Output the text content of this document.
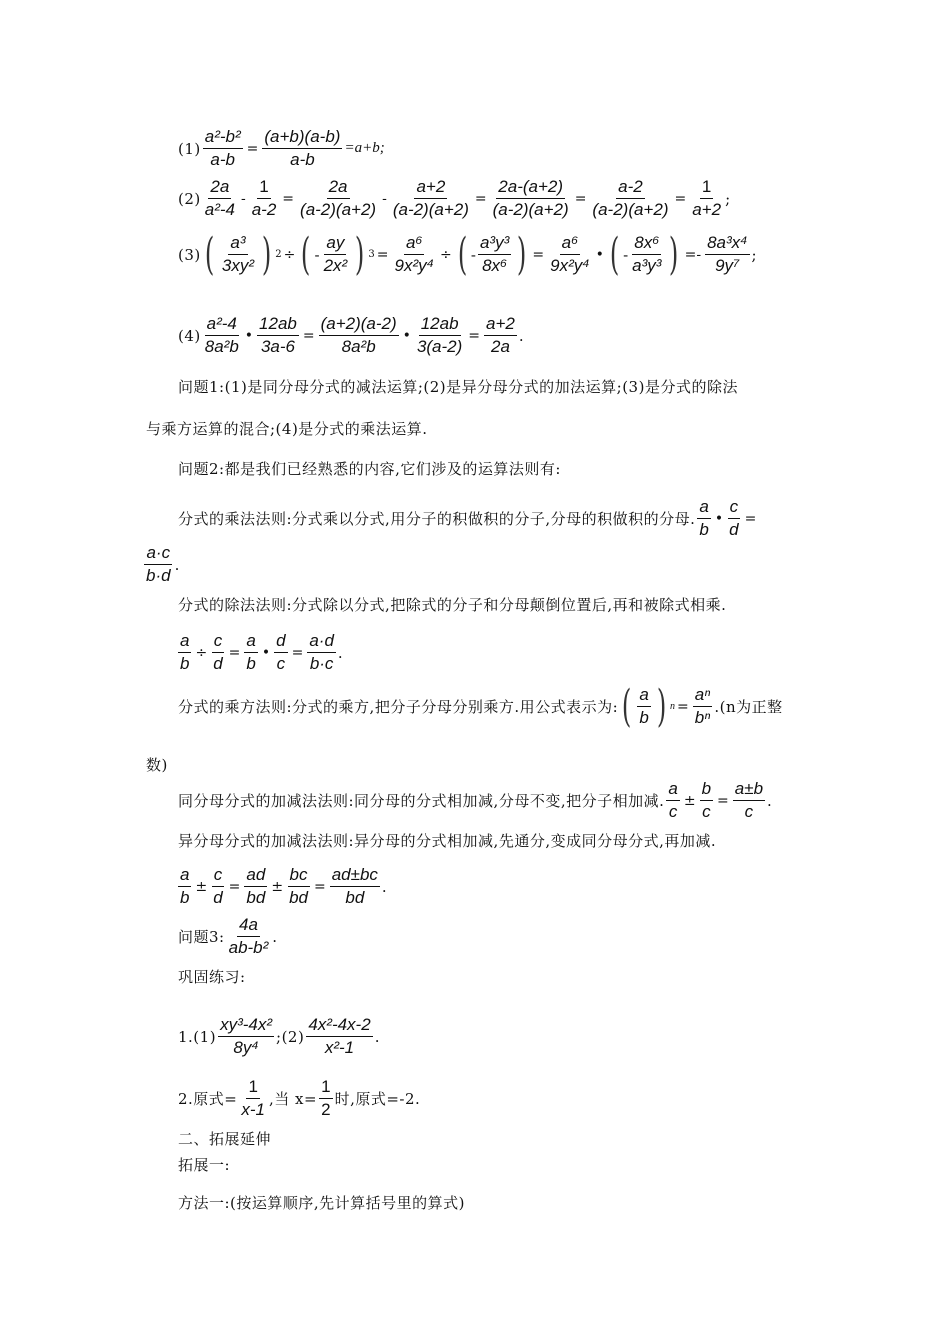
$(1) \frac{\text{a²-b²}}{a-b} = \frac{(a+b)(a-b)}{a-b} =a+b$;
$(2) \frac{2a}{\text{a²-4}} - \frac{1}{a-2} = \frac{2a}{(a-2)(a+2)} - \frac{a+2}{(a-2)(a+2)} = \frac{2a-(a+2)}{(a-2)(a+2)} = \frac{a-2}{(a-2)(a+2)} = \frac{1}{a+2}$ ;
(3) ( $\frac{\text{a³}}{\text{3xy²}}$ ) 2 ÷ ( - $\frac{ay}{\text{2x²}}$ ) $3 = \frac{\text{a⁶}}{\text{9x²y⁴}}$ ÷ ( - $\frac{\text{a³y³}}{\text{8x⁶}}$ ) = $\frac{\text{a⁶}}{\text{9x²y⁴}}$ • ( - $\frac{\text{8x⁶}}{\text{a³y³}}$ ) =- $\frac{\text{8a³x⁴}}{\text{9y⁷}}$ ;
$(4) \frac{\text{a²-4}}{\text{8a²b}}$ • $\frac{12ab}{3a-6} = \frac{(a+2)(a-2)}{\text{8a²b}}$ • $\frac{12ab}{3(a-2)} = \frac{a+2}{2a}$ .
问题1:(1)是同分母分式的减法运算;(2)是异分母分式的加法运算;(3)是分式的除法
与乘方运算的混合;(4)是分式的乘法运算.
问题2:都是我们已经熟悉的内容,它们涉及的运算法则有:
分式的乘法法则:分式乘以分式,用分子的积做积的分子,分母的积做积的分母. $\frac{a}{b}$ • $\frac{c}{d}$ =
$\frac{a\cdot c}{b\cdot d}$ .
分式的除法法则:分式除以分式,把除式的分子和分母颠倒位置后,再和被除式相乘.
$\frac{a}{b} \div \frac{c}{d} = \frac{a}{b}$ • $\frac{d}{c} = \frac{a\cdot d}{b\cdot c}$ .
分式的乘方法则:分式的乘方,把分子分母分别乘方.用公式表示为: ( $\frac{a}{b}$ ) $n = \frac{\text{aⁿ}}{\text{bⁿ}} .(n$为正整
数)
同分母分式的加减法法则:同分母的分式相加减,分母不变,把分子相加减. $\frac{a}{c} \pm \frac{b}{c} = \frac{a\pm b}{c}$ .
异分母分式的加减法法则:异分母的分式相加减,先通分,变成同分母分式,再加减.
$\frac{a}{b} \pm \frac{c}{d} = \frac{ad}{bd} \pm \frac{bc}{bd} = \frac{ad\pm bc}{bd}$ .
问题3: $\frac{4a}{\text{ab-b²}}$ .
巩固练习:
$1.(1) \frac{\text{xy³-4x²}}{\text{8y⁴}}$ ;(2) $\frac{\text{4x²-4x-2}}{\text{x²-1}}$ .
2.原式= $\frac{1}{x-1}$ ,当 $x= \frac{1}{2}$ 时,原式=-2.
二、拓展延伸
拓展一:
方法一:(按运算顺序,先计算括号里的算式)
